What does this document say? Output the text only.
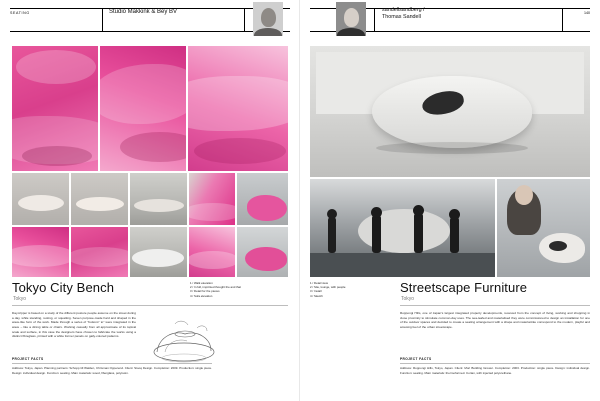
SEATING	Studio Makkink & Bey BV
1 / Walk elevation
2 / In full, imprinted thought the and that
3 / Detail for the pieces
4 / Sofa elevation
Tokyo City Bench
Tokyo
Day-tripper is based on a study of the different posture people assume on the street during a day, while standing, resting, or squatting. Seven purpose-made hard and shaped in the wave-like form of the work. Made through a series of "buttons" to" were integrated in the wave – like a dining table or chairs. Working casually from all approximate of its topical scale and surface, in this case the designers have chosen to fabricate the works using a distinct fibreglass, printed with a white former panels on gaily-colored patterns.
PROJECT FACTS
Address: Tokyo, Japan. Planning partners: Schopp till Walden, Chrisman Opperend. Client: Stooq Design. Completion: 2009. Production: single piece. Design: individual design. Function: seating. Main materials: wood, fiberglass, polyresin.
sandellsandberg /
Thomas Sandell
140
1 / Detail view
2 / Site, lounge, with people
3 / Install
4 / Sketch
Streetscape Furniture
Tokyo
Roppongi Hills, one of Japan's largest integrated property developments, received from the concept of living, working and shopping in close proximity to stimulate common-day uses. The sea-leafed and materialised they were commissioned to design an installation for one of the outdoor spaces and decided to create a seating arrangement with a shape and material-like correspond to the modern, playful and amusing feel of the urban streetscape.
PROJECT FACTS
Address: Roppongi Hills, Tokyo, Japan. Client: Mori Building Grower. Completion: 2003. Production: single piece. Design: individual design. Function: seating. Main materials: thermoformed. Corian, with injected polyurethane.
